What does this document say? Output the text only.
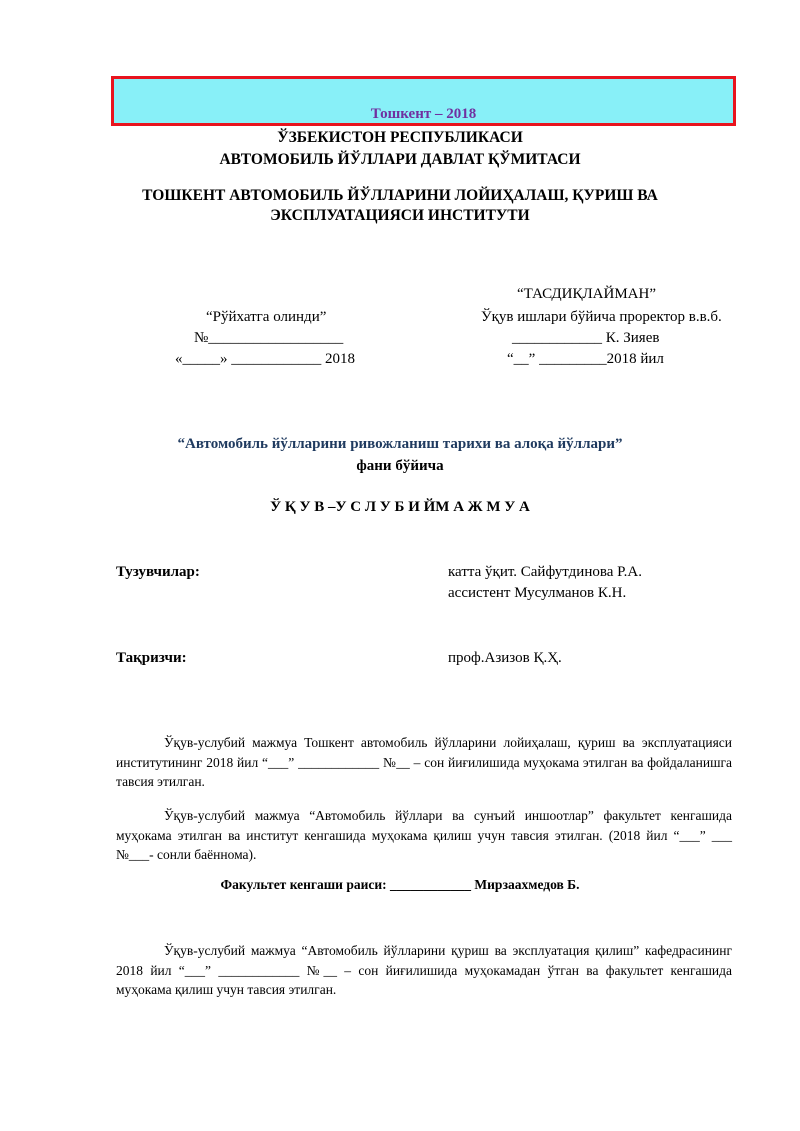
Тошкент – 2018
ЎЗБЕКИСТОН РЕСПУБЛИКАСИ
АВТОМОБИЛЬ ЙЎЛЛАРИ ДАВЛАТ ҚЎМИТАСИ
ТОШКЕНТ АВТОМОБИЛЬ ЙЎЛЛАРИНИ ЛОЙИҲАЛАШ, ҚУРИШ ВА
ЭКСПЛУАТАЦИЯСИ ИНСТИТУТИ
“ТАСДИҚЛАЙМАН”
Ўқув ишлари бўйича проректор в.в.б.
____________ К. Зияев
“__” _________2018 йил
“Рўйхатга олинди”
№__________________
«_____» ____________ 2018
“Автомобиль йўлларини ривожланиш тарихи ва алоқа йўллари”
фани бўйича
Ў Қ У В –У С Л У Б И ЙМ А Ж М У А
Тузувчилар:	катта ўқит. Сайфутдинова Р.А.
ассистент Мусулманов К.Н.
Тақризчи:	проф.Азизов Қ.Ҳ.

Ўқув-услубий мажмуа Тошкент автомобиль йўлларини лойиҳалаш, қуриш ва эксплуатацияси институтининг 2018 йил “___” ____________ №__ – сон йиғилишида муҳокама этилган ва фойдаланишга тавсия этилган.

Ўқув-услубий мажмуа “Автомобиль йўллари ва сунъий иншоотлар” факультет кенгашида муҳокама этилган ва институт кенгашида муҳокама қилиш учун тавсия этилган. (2018 йил “___” ___ №___- сонли баённома).

Факультет кенгаши раиси: ____________ Мирзаахмедов Б.

Ўқув-услубий мажмуа “Автомобиль йўлларини қуриш ва эксплуатация қилиш” кафедрасининг 2018 йил “___” ____________ №__ – сон йиғилишида муҳокамадан ўтган ва факультет кенгашида муҳокама қилиш учун тавсия этилган.
